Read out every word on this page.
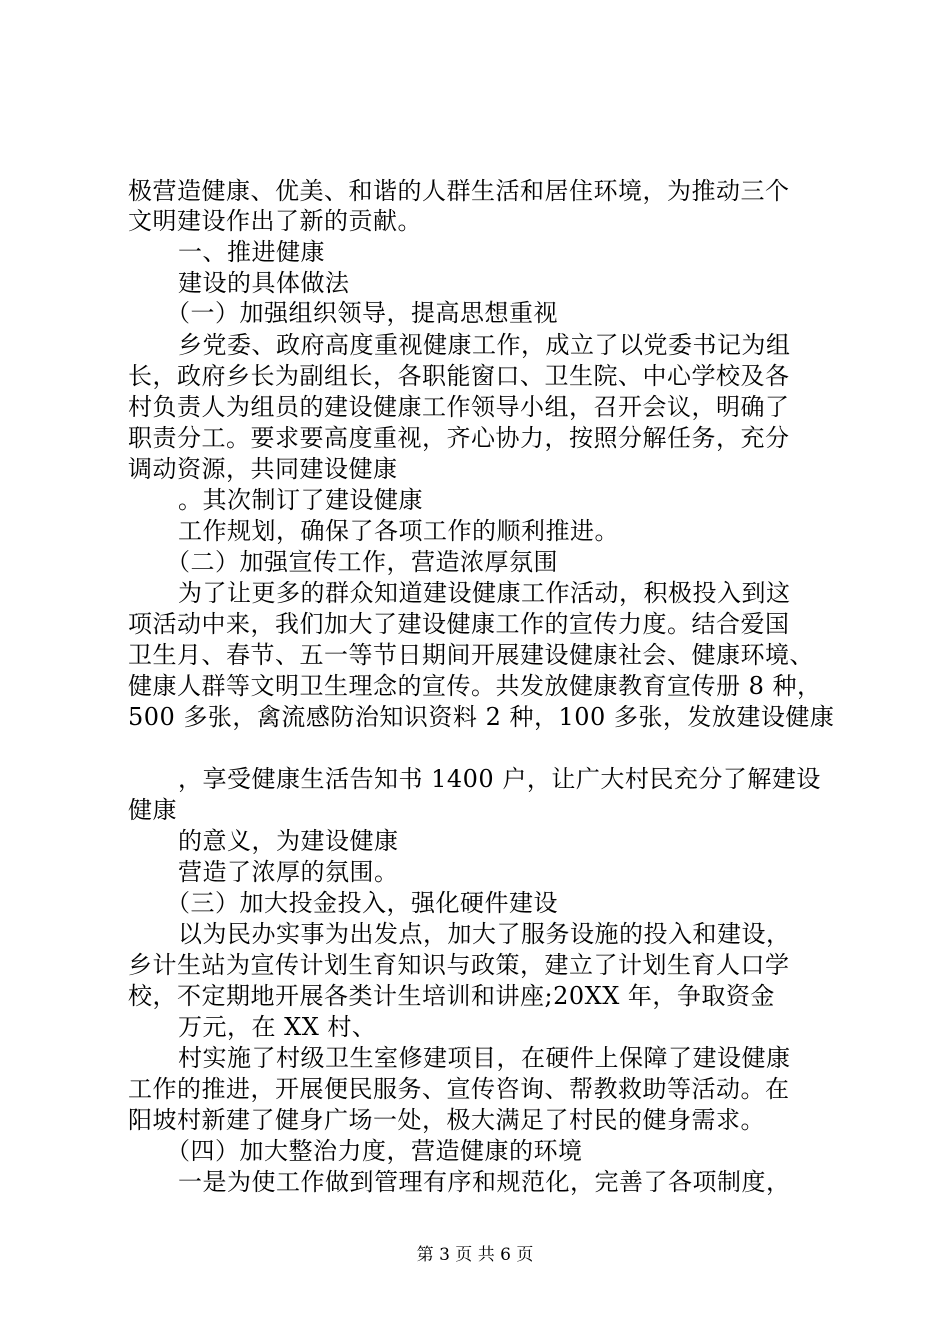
极营造健康、优美、和谐的人群生活和居住环境，为推动三个
文明建设作出了新的贡献。
一、推进健康
建设的具体做法
（一）加强组织领导，提高思想重视
乡党委、政府高度重视健康工作，成立了以党委书记为组
长，政府乡长为副组长，各职能窗口、卫生院、中心学校及各
村负责人为组员的建设健康工作领导小组，召开会议，明确了
职责分工。要求要高度重视，齐心协力，按照分解任务，充分
调动资源，共同建设健康
。其次制订了建设健康
工作规划，确保了各项工作的顺利推进。
（二）加强宣传工作，营造浓厚氛围
为了让更多的群众知道建设健康工作活动，积极投入到这
项活动中来，我们加大了建设健康工作的宣传力度。结合爱国
卫生月、春节、五一等节日期间开展建设健康社会、健康环境、
健康人群等文明卫生理念的宣传。共发放健康教育宣传册 8 种，
500 多张，禽流感防治知识资料 2 种，100 多张，发放建设健康
，享受健康生活告知书 1400 户，让广大村民充分了解建设
健康
的意义，为建设健康
营造了浓厚的氛围。
（三）加大投金投入，强化硬件建设
以为民办实事为出发点，加大了服务设施的投入和建设，
乡计生站为宣传计划生育知识与政策，建立了计划生育人口学
校，不定期地开展各类计生培训和讲座;20XX 年，争取资金
万元，在 XX 村、
村实施了村级卫生室修建项目，在硬件上保障了建设健康
工作的推进，开展便民服务、宣传咨询、帮教救助等活动。在
阳坡村新建了健身广场一处，极大满足了村民的健身需求。
（四）加大整治力度，营造健康的环境
一是为使工作做到管理有序和规范化，完善了各项制度，
第 3 页 共 6 页
